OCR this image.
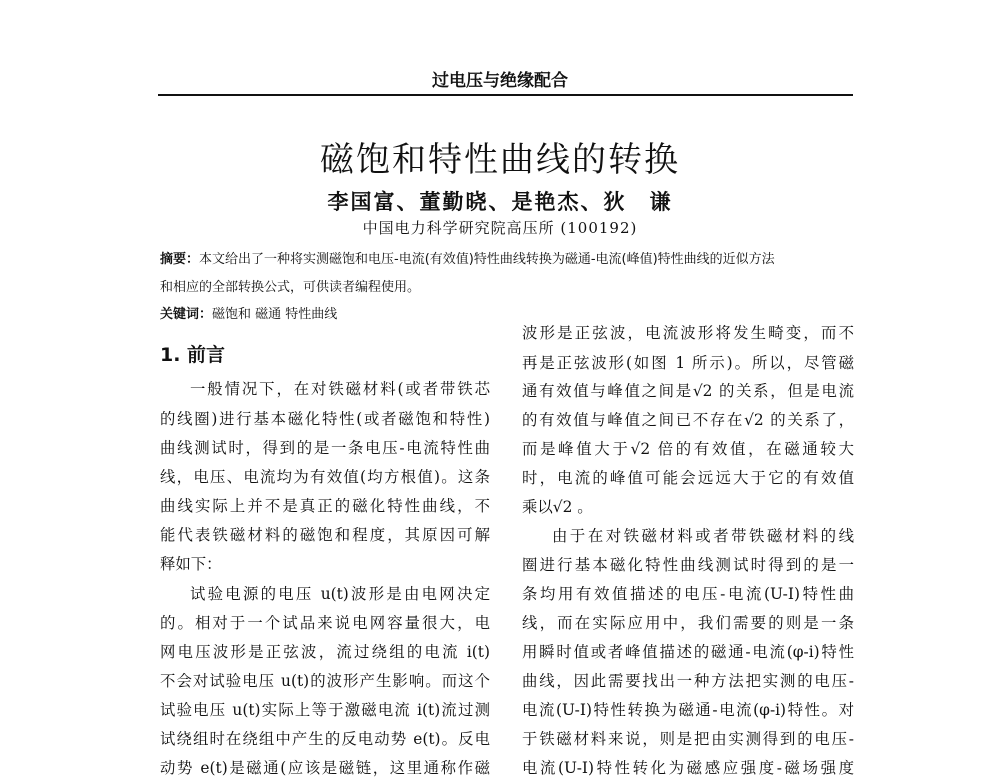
过电压与绝缘配合
磁饱和特性曲线的转换
李国富、董勤晓、是艳杰、狄　谦
中国电力科学研究院高压所 (100192)
摘要：本文给出了一种将实测磁饱和电压-电流(有效值)特性曲线转换为磁通-电流(峰值)特性曲线的近似方法
和相应的全部转换公式，可供读者编程使用。
关键词：磁饱和 磁通 特性曲线
1. 前言
一般情况下，在对铁磁材料(或者带铁芯
的线圈)进行基本磁化特性(或者磁饱和特性)
曲线测试时，得到的是一条电压-电流特性曲
线，电压、电流均为有效值(均方根值)。这条
曲线实际上并不是真正的磁化特性曲线，不
能代表铁磁材料的磁饱和程度，其原因可解
释如下：
试验电源的电压 u(t)波形是由电网决定
的。相对于一个试品来说电网容量很大，电
网电压波形是正弦波，流过绕组的电流 i(t)
不会对试验电压 u(t)的波形产生影响。而这个
试验电压 u(t)实际上等于激磁电流 i(t)流过测
试绕组时在绕组中产生的反电动势 e(t)。反电
动势 e(t)是磁通(应该是磁链，这里通称作磁
波形是正弦波，电流波形将发生畸变，而不
再是正弦波形(如图 1 所示)。所以，尽管磁
通有效值与峰值之间是√2 的关系，但是电流
的有效值与峰值之间已不存在√2 的关系了，
而是峰值大于√2 倍的有效值，在磁通较大
时，电流的峰值可能会远远大于它的有效值
乘以√2 。
由于在对铁磁材料或者带铁磁材料的线
圈进行基本磁化特性曲线测试时得到的是一
条均用有效值描述的电压-电流(U-I)特性曲
线，而在实际应用中，我们需要的则是一条
用瞬时值或者峰值描述的磁通-电流(φ-i)特性
曲线，因此需要找出一种方法把实测的电压-
电流(U-I)特性转换为磁通-电流(φ-i)特性。对
于铁磁材料来说，则是把由实测得到的电压-
电流(U-I)特性转化为磁感应强度-磁场强度
